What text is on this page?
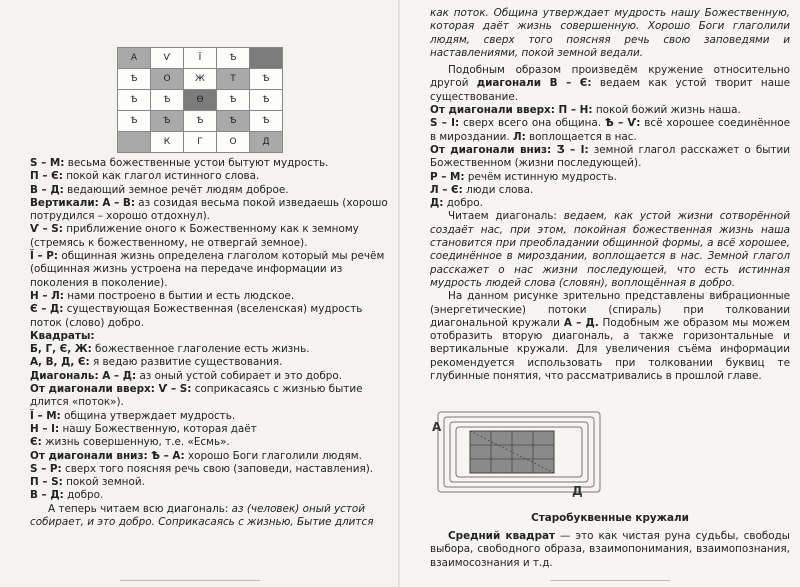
А	Ѵ	Ї	Ѣ	
Ѣ	О	Ж	Т	Ѣ
Ѣ	Ѣ	Ѳ	Ѣ	Ѣ
Ѣ	Ѣ	Ѣ	Ѣ	Ѣ
	К	Г	О	Д

Ѕ – М: весьма божественные устои бытуют мудрость.

П – Є: покой как глагол истинного слова.

В – Д: ведающий земное речёт людям доброе.

Вертикали: А – В: аз созидая весьма покой изведаешь (хорошо потрудился – хорошо отдохнул).

Ѵ – Ѕ: приближение оного к Божественному как к земному (стремясь к божественному, не отвергай земное).

Ї – Р: общинная жизнь определена глаголом который мы речём (общинная жизнь устроена на передаче информации из поколения в поколение).

Н – Л: нами построено в бытии и есть людское.

Є – Д: существующая Божественная (вселенская) мудрость поток (слово) добро.

Квадраты:

Б, Г, Є, Ж: божественное глаголение есть жизнь.

А, В, Д, Є: я ведаю развитие существования.

Диагональ: А – Д: аз оный устой собирает и это добро.

От диагонали вверх: Ѵ – Ѕ: соприкасаясь с жизнью бытие длится «поток»).

Ї – М: община утверждает мудрость.

Н – І: нашу Божественную, которая даёт

Є: жизнь совершенную, т.е. «Есмь».

От диагонали вниз: Ѣ – А: хорошо Боги глаголили людям.

Ѕ – Р: сверх того поясняя речь свою (заповеди, наставления).

П – Ѕ: покой земной.

В – Д: добро.

А теперь читаем всю диагональ: аз (человек) оный устой собирает, и это добро. Соприкасаясь с жизнью, Бытие длится

как поток. Община утверждает мудрость нашу Божественную, которая даёт жизнь совершенную. Хорошо Боги глаголили людям, сверх того поясняя речь свою заповедями и наставлениями, покой земной ведали.

Подобным образом произведём кружение относительно другой диагонали В – Є: ведаем как устой творит наше существование.

От диагонали вверх: П – Н: покой божий жизнь наша.

Ѕ – І: сверх всего она община. Ѣ – Ѵ: всё хорошее соединённое в мироздании. Л: воплощается в нас.

От диагонали вниз: Ӡ – І: земной глагол расскажет о бытии Божественном (жизни последующей).

Р – М: речём истинную мудрость.

Л – Є: люди слова.

Д: добро.

Читаем диагональ: ведаем, как устой жизни сотворённой создаёт нас, при этом, покойная божественная жизнь наша становится при преобладании общинной формы, а всё хорошее, соединённое в мироздании, воплощается в нас. Земной глагол расскажет о нас жизни последующей, что есть истинная мудрость людей слова (словян), воплощённая в добро.

На данном рисунке зрительно представлены вибрационные (энергетические) потоки (спираль) при толковании диагональной кружали А – Д. Подобным же образом мы можем отобразить вторую диагональ, а также горизонтальные и вертикальные кружали. Для увеличения съёма информации рекомендуется использовать при толковании буквиц те глубинные понятия, что рассматривались в прошлой главе.

А
Д
Старобуквенные кружали

Средний квадрат — это как чистая руна судьбы, свободы выбора, свободного образа, взаимопонимания, взаимопознания, взаимосознания и т.д.
